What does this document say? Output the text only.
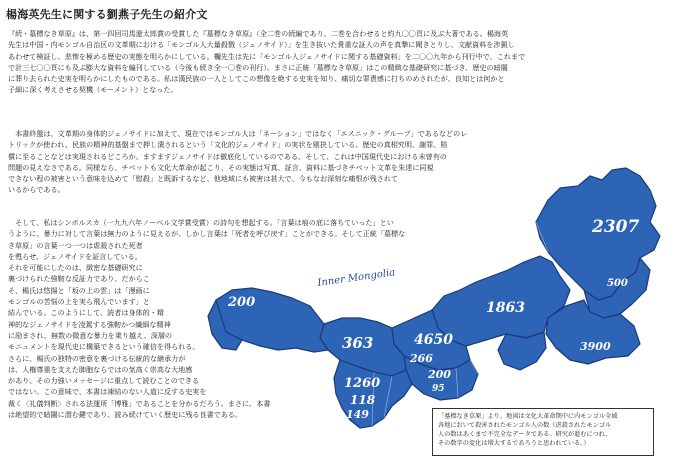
楊海英先生に関する劉燕子先生の紹介文
『続・墓標なき草原』は、第一四回司馬遼太郎賞の受賞した『墓標なき草原』（全二巻の続編であり、二巻を合わせると約九〇〇頁に及ぶ大著である。楊海英
先生は中国・内モンゴル自治区の文革期における「モンゴル人大量殺戮（ジェノサイド）」を生き抜いた貴重な証人の声を真摯に聞きとりし、文献資料を渉猟し
あわせて検証し、悲惨を極める歴史の実態を明らかにしている。欄先生は先に「モンゴル人ジェノサイドに関する基礎資料」を二〇〇九年から刊行中で、これまで
で計三七〇〇頁にも及ぶ膨大な資料を編刊している（今後も続き全一〇巻の刊行）。まさに正統「墓標なき草原」はこの精緻な基礎研究に基づき、歴史の暗闇
に葬り去られた史実を明らかにしたものである。私は漢民族の一人としてこの想像を絶する史実を知り、痛切な罪責感に打ちのめされたが、良知とは何かと
子細に深く考えさせる契機（モーメント）となった。
　本書終盤は、文革期の身体的ジェノサイドに加えて、現在ではモンゴル人は「ネーション」ではなく「エスニック・グループ」であるなどのレ
トリックが使われ、民族の精神的基盤まで押し潰されるという「文化的ジェノサイド」の実状を剔抉している。歴史の真相究明、謝罪、賠
償に至ることなどは実現されるどころか、ますますジェノサイドは徹底化しているのである。そして、これは中国現代史における未曾有の
問題の見えなさである。同様なら、チベットも文化大革命が起こり、その実態は写真、証言、資料に基づきチベット文革を朱達に同視
できない程の被害という意味を込めて「慰殺」と既訴するなど、他地域にも被害は甚大で、今もなお深刻な痛恨が残されて
いるからである。
Inner Mongolia
2307
500
3900
1863
200
363	4650
266
200
95
1260
118
149
　そして、私はシンボルスカ（一九九六年ノーベル文学賞受賞）の詩句を想起する。「言葉は痕の底に落ちていった」とい
うように、暴力に対して言葉は無力のように見えるが、しかし言葉は「死者を呼び戻す」ことができる。そして正統「墓標な
き草原」の言葉一つ一つは虐殺された死者
を甦らせ、ジェノサイドを証言している。
それを可能にしたのは、緻密な基礎研究に
裏づけられた強靭な反証力であり、だからこ
そ、楊氏は悠揚と「坂の上の雲」は「漫画に
モンゴルの苦悩の上を実ら飛んでいます」と
結んでいる。このようにして、読者は身体的・精
神的なジェノサイドを凌駕する強靭かつ繊細な精神
に励まされ、無数の微意な暴力を乗り越え、深層の
モニュメントを現代史に構築できるという確信を得られる。
さらに、楊氏の独特の密意を裏づける伝統的な継承力が
は、人権尊重を支えた肺胞ならではの気高く崇高な大地感
があり、その力強いメッセージに重点して読むことのできる
ではない。この意味で、本書は凍結のない人道に反する史実を
裁く〈礼儀判断〉される法運所「博雅」であることを分かるだろう。まさに、本書
は絶望的で暗闇に潜む鍵であり、読み続けていく歴史に残る良書である。	「墓標なき草原」より。地図は文化大革命期中に内モンゴル全域
各地において殺害されたモンゴル人の数（虐殺されたモンゴル
人の数はあくまで不完全なデータである。研究が進むにつれ、
その数字の変化は増大するであろうと思われている。）
